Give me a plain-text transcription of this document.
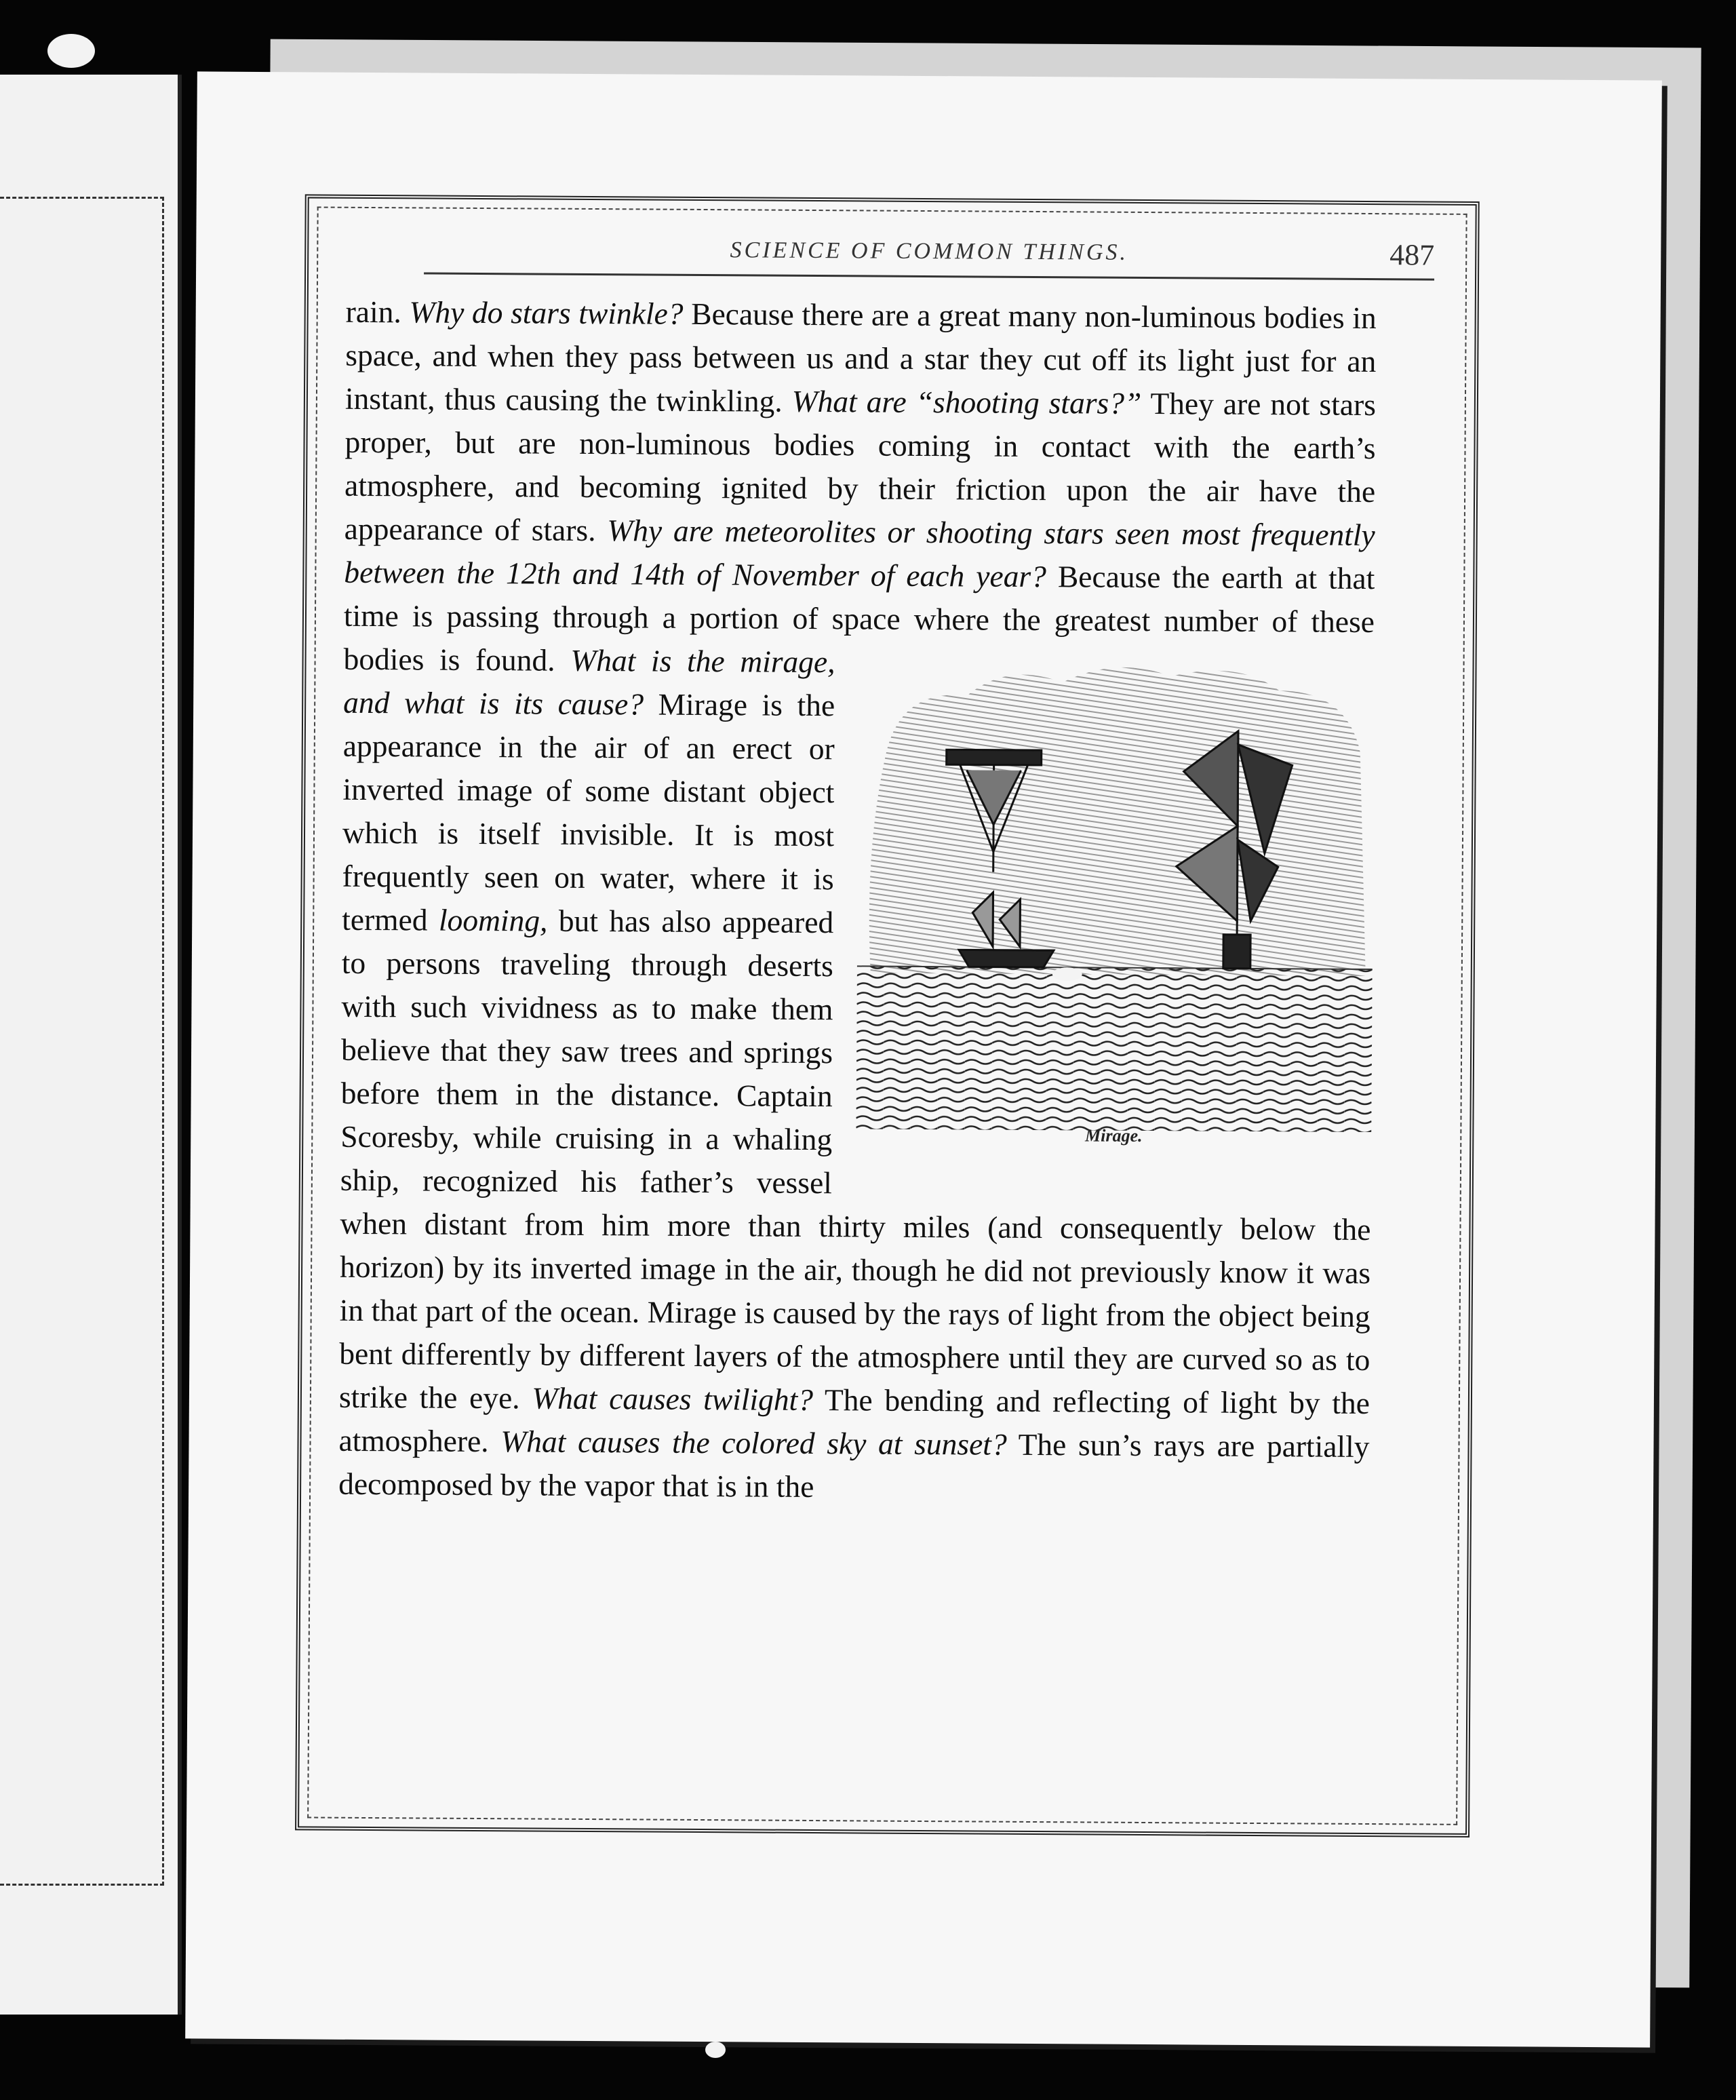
SCIENCE OF COMMON THINGS.	487

rain. Why do stars twinkle? Because there are a great many non-luminous bodies in space, and when they pass between us and a star they cut off its light just for an instant, thus causing the twinkling. What are “shooting stars?” They are not stars proper, but are non-luminous bodies coming in contact with the earth’s atmosphere, and becoming ignited by their friction upon the air have the appearance of stars. Why are meteorolites or shooting stars seen most frequently between the 12th and 14th of November of each year? Because the earth at that time is passing through a portion of space where the greatest number of these bodies is found.
Mirage.
What is the mirage, and what is its cause? Mirage is the appearance in the air of an erect or inverted image of some distant object which is itself invisible. It is most frequently seen on water, where it is termed looming, but has also appeared to persons traveling through deserts with such vividness as to make them believe that they saw trees and springs before them in the distance. Captain Scoresby, while cruising in a whaling ship, recognized his father’s vessel when distant from him more than thirty miles (and consequently below the horizon) by its inverted image in the air, though he did not previously know it was in that part of the ocean. Mirage is caused by the rays of light from the object being bent differently by different layers of the atmosphere until they are curved so as to strike the eye. What causes twilight? The bending and reflecting of light by the atmosphere. What causes the colored sky at sunset? The sun’s rays are partially decomposed by the vapor that is in the
